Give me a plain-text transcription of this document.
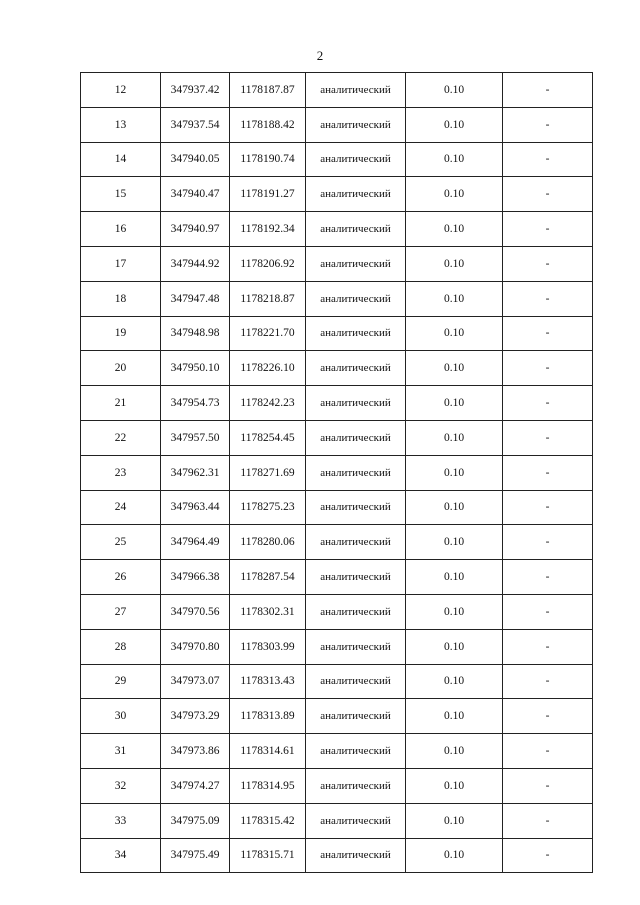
2
12	347937.42	1178187.87	аналитический	0.10	-
13	347937.54	1178188.42	аналитический	0.10	-
14	347940.05	1178190.74	аналитический	0.10	-
15	347940.47	1178191.27	аналитический	0.10	-
16	347940.97	1178192.34	аналитический	0.10	-
17	347944.92	1178206.92	аналитический	0.10	-
18	347947.48	1178218.87	аналитический	0.10	-
19	347948.98	1178221.70	аналитический	0.10	-
20	347950.10	1178226.10	аналитический	0.10	-
21	347954.73	1178242.23	аналитический	0.10	-
22	347957.50	1178254.45	аналитический	0.10	-
23	347962.31	1178271.69	аналитический	0.10	-
24	347963.44	1178275.23	аналитический	0.10	-
25	347964.49	1178280.06	аналитический	0.10	-
26	347966.38	1178287.54	аналитический	0.10	-
27	347970.56	1178302.31	аналитический	0.10	-
28	347970.80	1178303.99	аналитический	0.10	-
29	347973.07	1178313.43	аналитический	0.10	-
30	347973.29	1178313.89	аналитический	0.10	-
31	347973.86	1178314.61	аналитический	0.10	-
32	347974.27	1178314.95	аналитический	0.10	-
33	347975.09	1178315.42	аналитический	0.10	-
34	347975.49	1178315.71	аналитический	0.10	-
